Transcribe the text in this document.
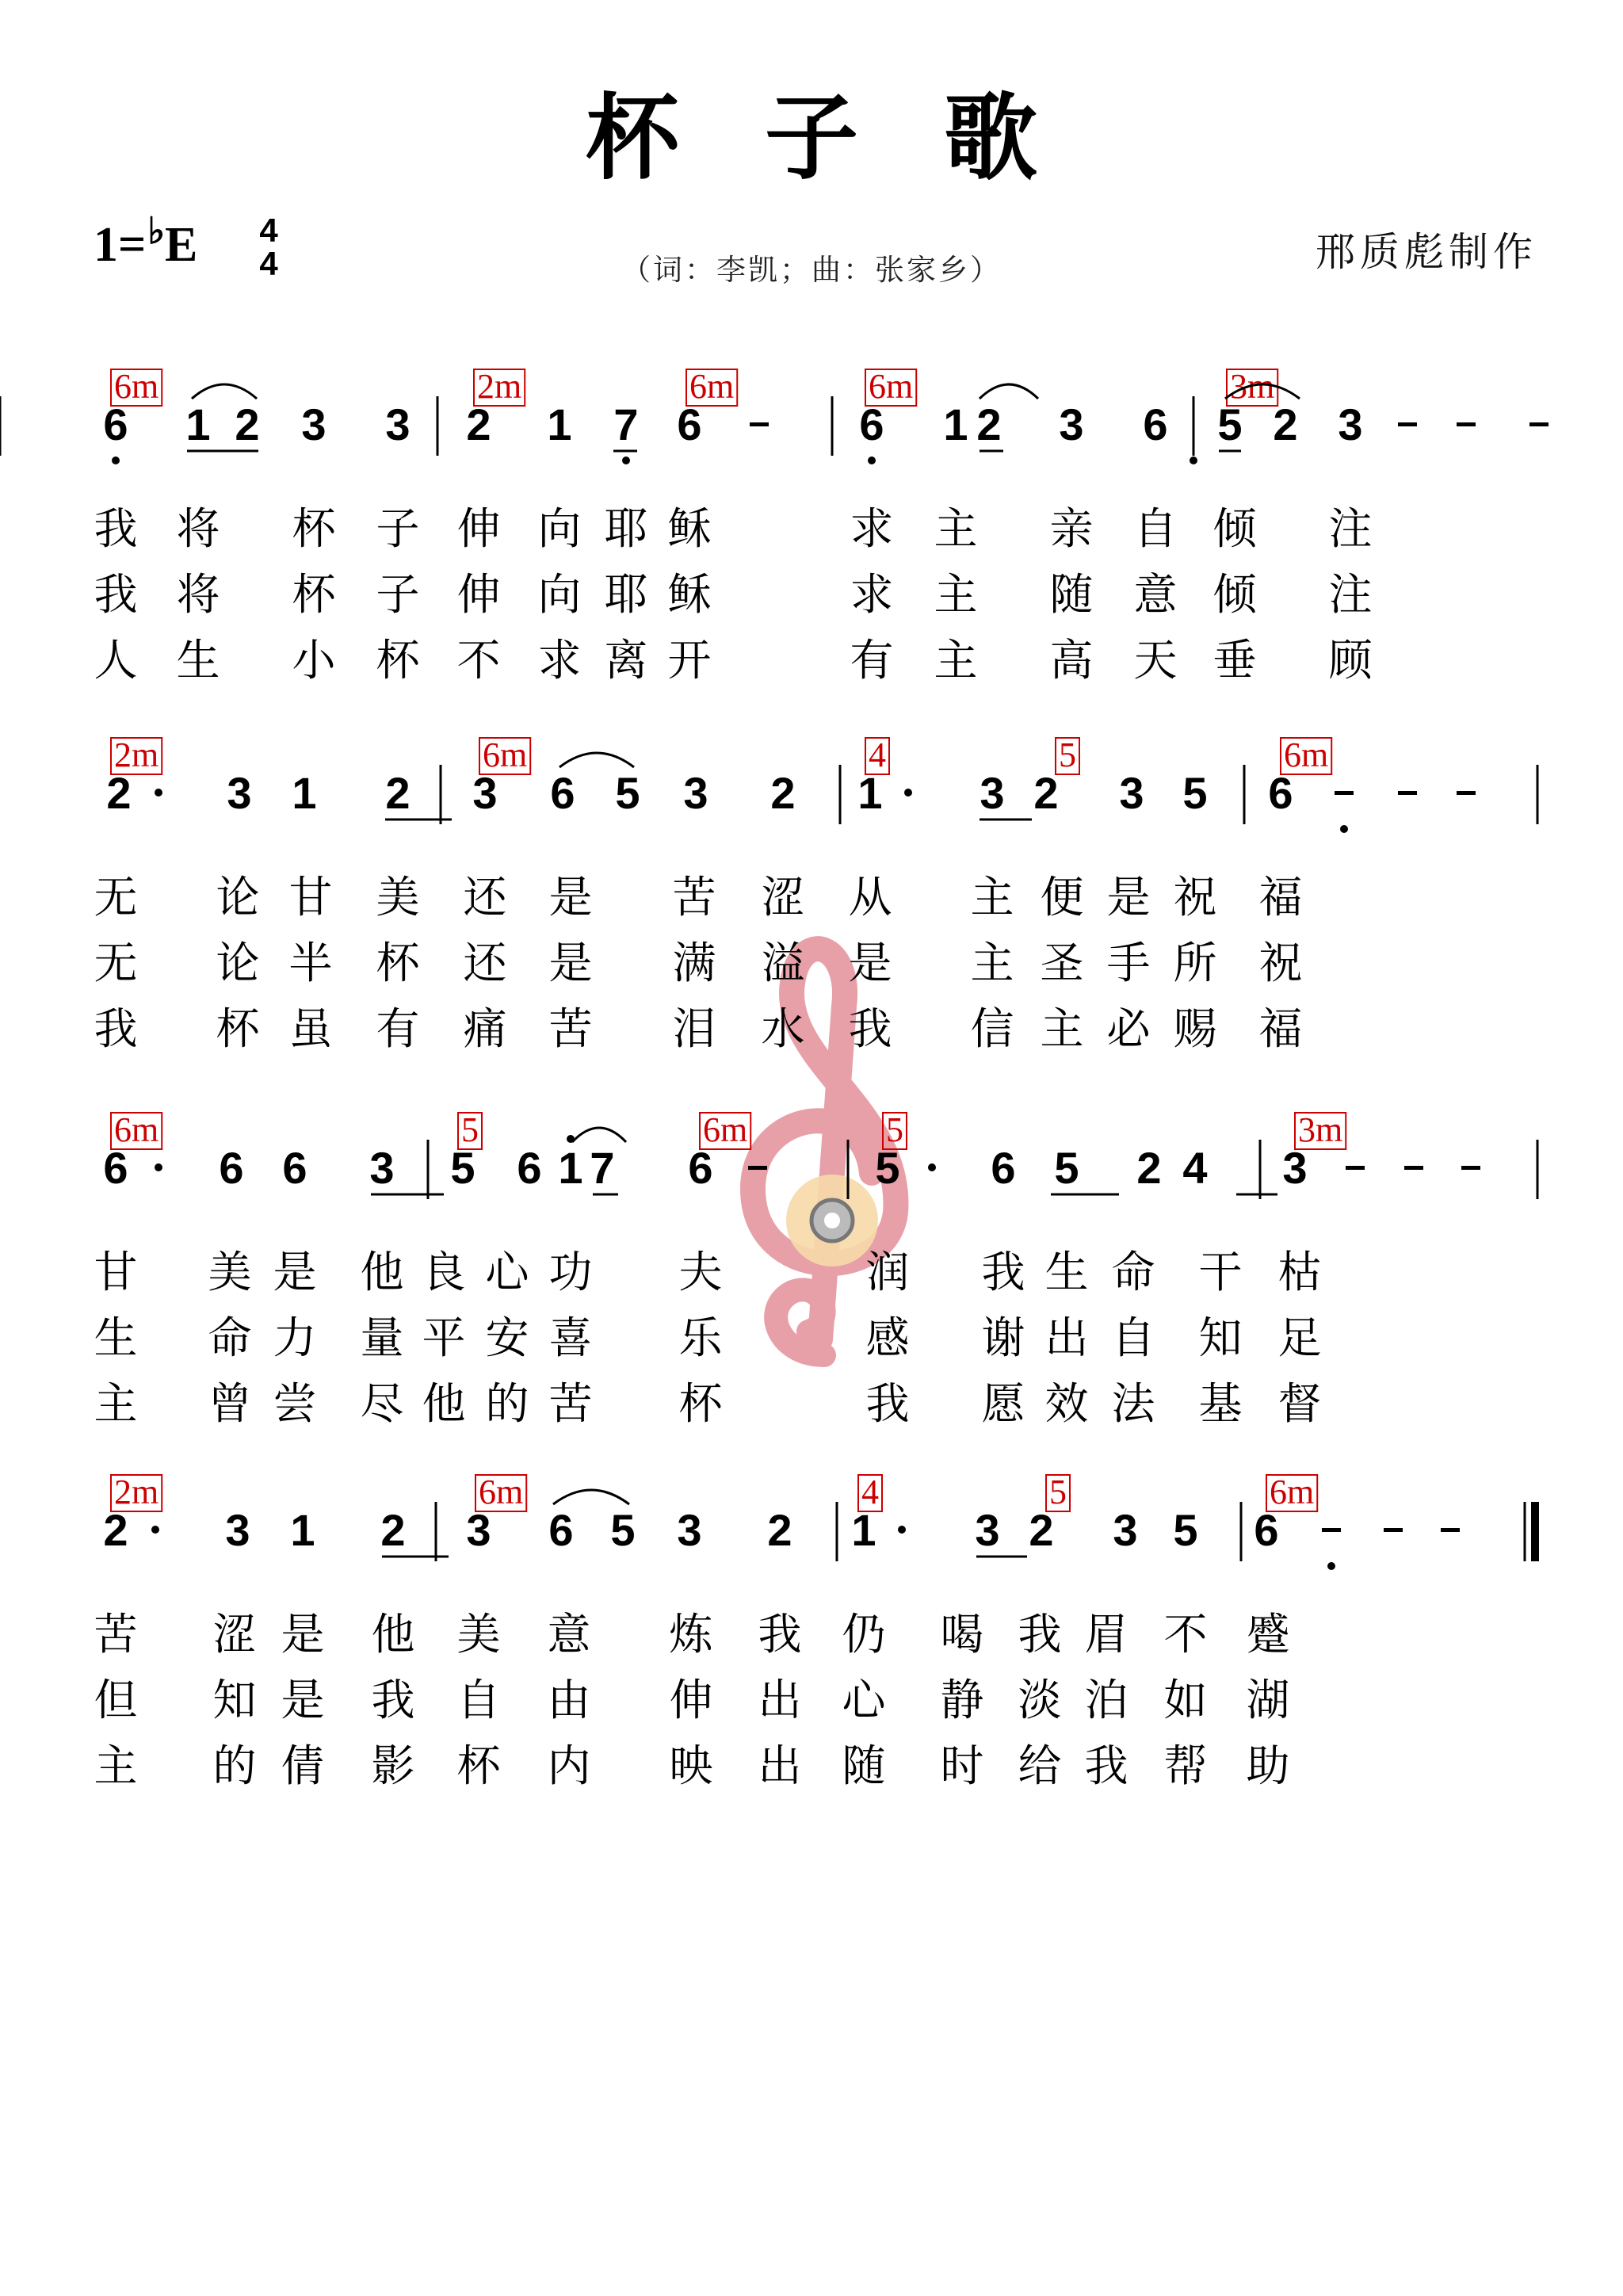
杯子歌
1=♭E 4
4	（词：李凯；曲：张家乡）	邢质彪制作
6m	2m	6m	6m	3m
6 1 2 3 3 2 1 7 6 - 6 1 2 3 6 5 2 3 - - -
我 将 杯 子 伸 向 耶 稣	求 主 亲 自 倾 注
我 将 杯 子 伸 向 耶 稣	求 主 随 意 倾 注
人 生 小 杯 不 求 离 开	有 主 高 天 垂 顾
2m	6m	4	5	6m
2 · 3 1 2 3 6 5 3 2 1 · 3 2 3 5 6 - - -
无 论 甘 美 还 是 苦 涩 从 主 便 是 祝 福
无 论 半 杯 还 是 满 溢 是 主 圣 手 所 祝
我 杯 虽 有 痛 苦 泪 水 我 信 主 必 赐 福
6m	5	6m	5	3m
6 · 6 6 3 5 6 1 7 6 - 5 · 6 5 2 4 3 - - -
甘 美 是 他 良 心 功 夫	润 我 生 命 干 枯
生 命 力 量 平 安 喜 乐	感 谢 出 自 知 足
主 曾 尝 尽 他 的 苦 杯	我 愿 效 法 基 督
2m	6m	4	5	6m
2 · 3 1 2 3 6 5 3 2 1 · 3 2 3 5 6 - - -
苦 涩 是 他 美 意 炼 我 仍 喝 我 眉 不 蹙
但 知 是 我 自 由 伸 出 心 静 淡 泊 如 湖
主 的 倩 影 杯 内 映 出 随 时 给 我 帮 助
